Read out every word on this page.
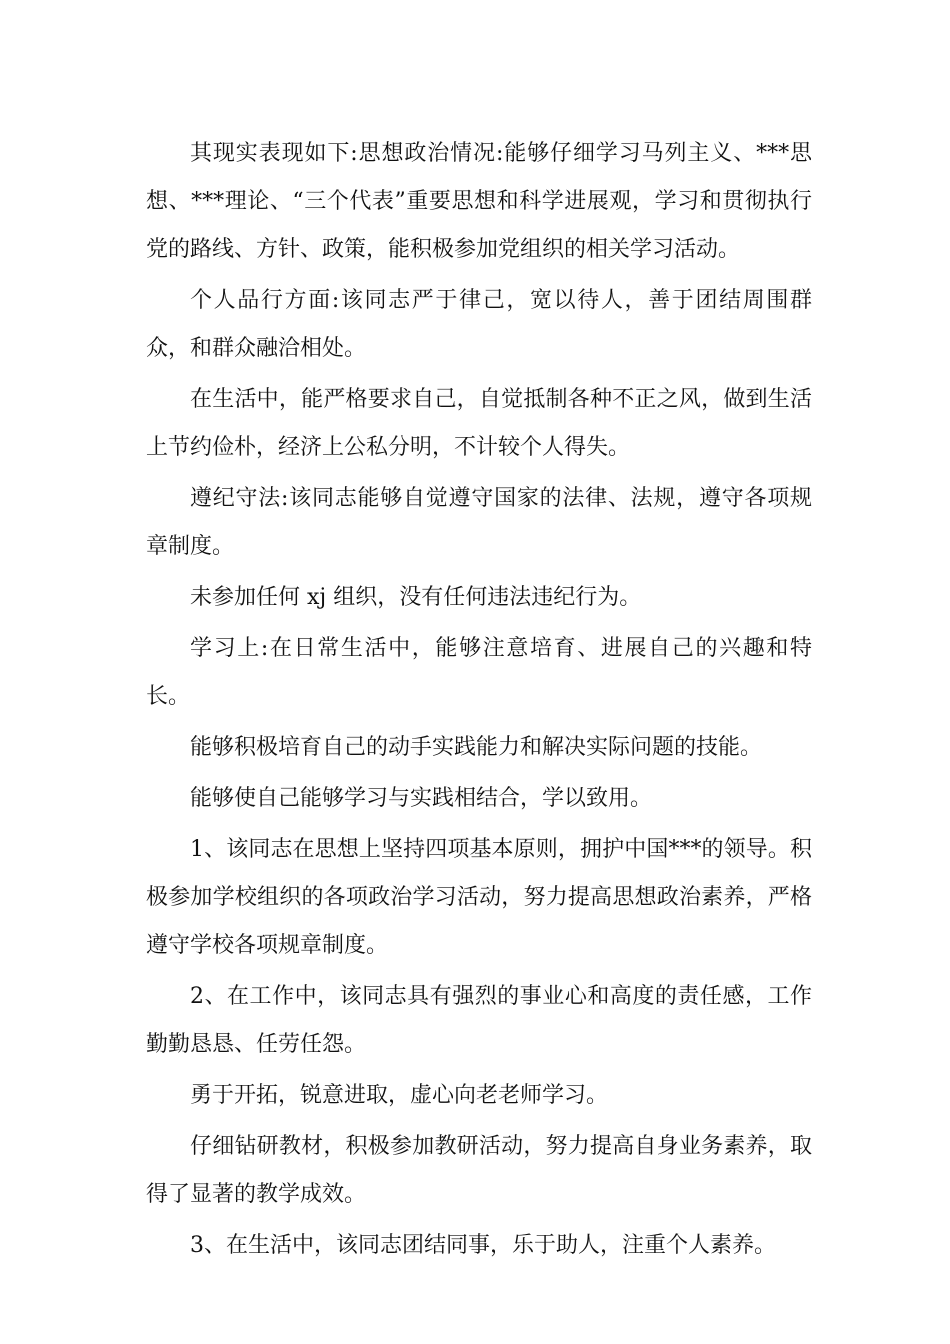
其现实表现如下:思想政治情况:能够仔细学习马列主义、***思想、***理论、“三个代表”重要思想和科学进展观，学习和贯彻执行党的路线、方针、政策，能积极参加党组织的相关学习活动。

个人品行方面:该同志严于律己，宽以待人，善于团结周围群众，和群众融洽相处。

在生活中，能严格要求自己，自觉抵制各种不正之风，做到生活上节约俭朴，经济上公私分明，不计较个人得失。

遵纪守法:该同志能够自觉遵守国家的法律、法规，遵守各项规章制度。

未参加任何 xj 组织，没有任何违法违纪行为。

学习上:在日常生活中，能够注意培育、进展自己的兴趣和特长。

能够积极培育自己的动手实践能力和解决实际问题的技能。

能够使自己能够学习与实践相结合，学以致用。

1、该同志在思想上坚持四项基本原则，拥护中国***的领导。积极参加学校组织的各项政治学习活动，努力提高思想政治素养，严格遵守学校各项规章制度。

2、在工作中，该同志具有强烈的事业心和高度的责任感，工作勤勤恳恳、任劳任怨。

勇于开拓，锐意进取，虚心向老老师学习。

仔细钻研教材，积极参加教研活动，努力提高自身业务素养，取得了显著的教学成效。

3、在生活中，该同志团结同事，乐于助人，注重个人素养。
